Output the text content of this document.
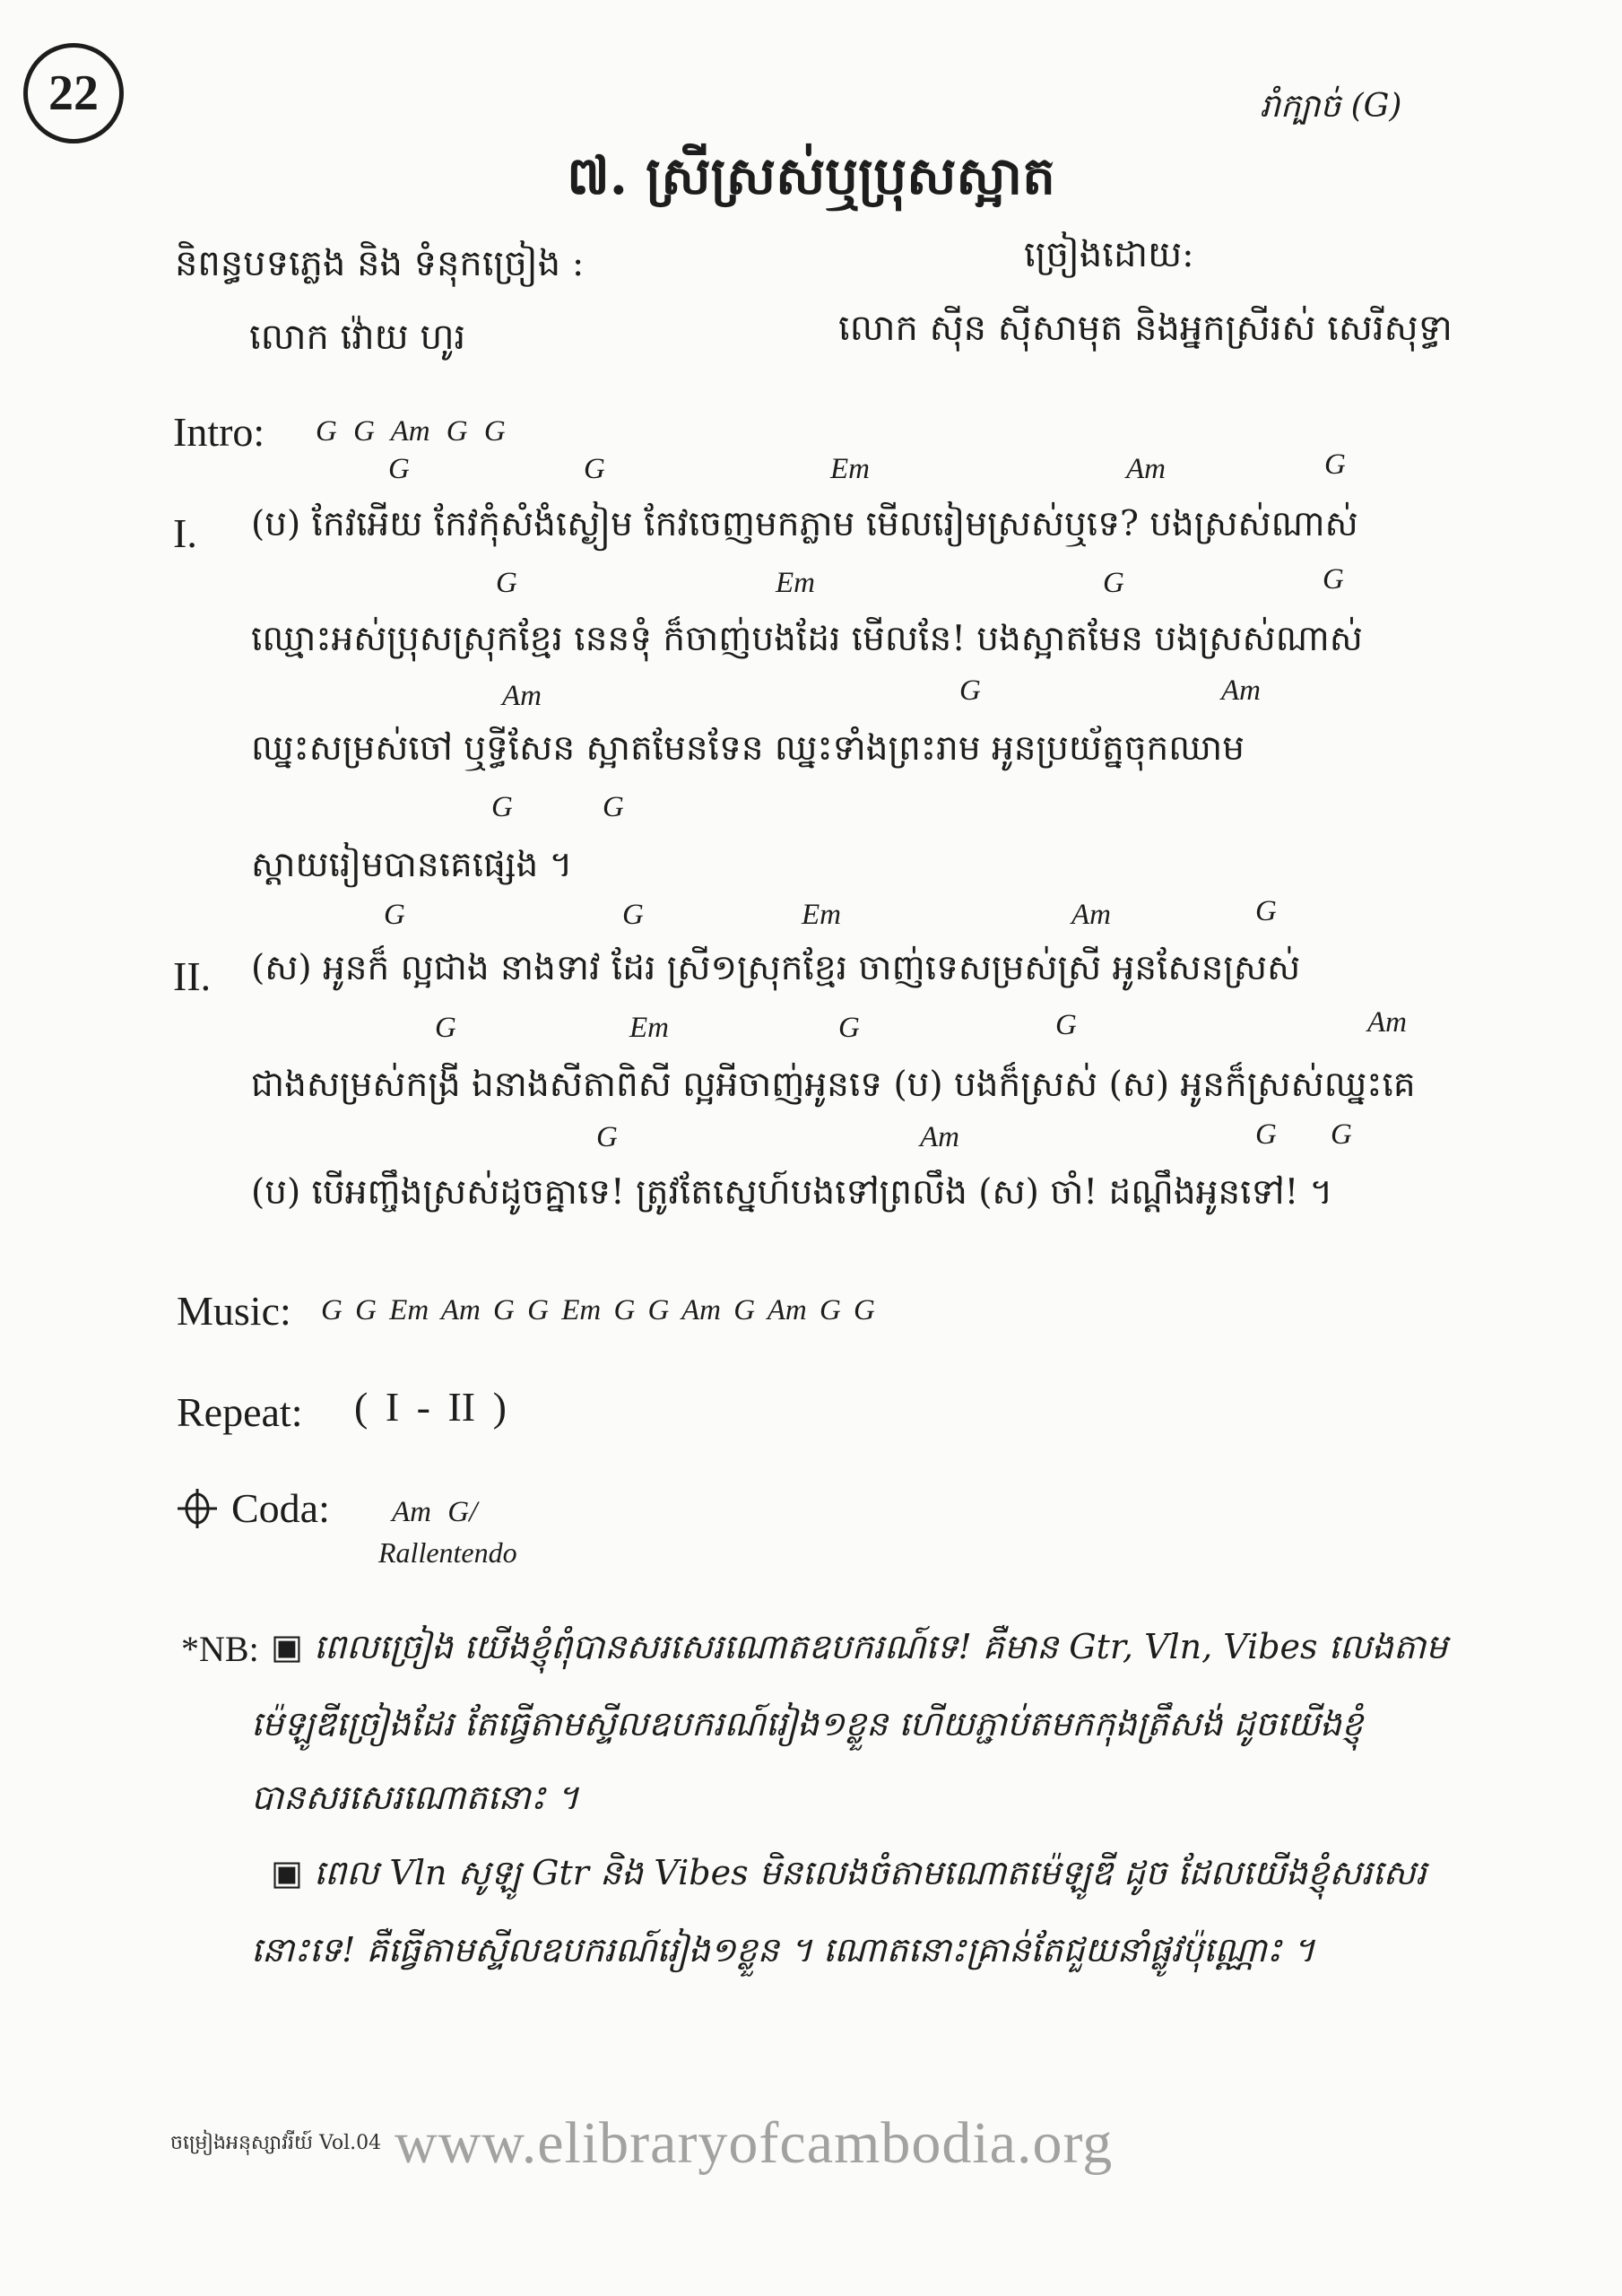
22	រាំក្បាច់ (G)
៧. ស្រីស្រស់ឬប្រុសស្អាត
និពន្ធបទភ្លេង និង ទំនុកច្រៀង :	ច្រៀងដោយ:
លោក វ៉ោយ ហូរ	លោក ស៊ីន ស៊ីសាមុត និងអ្នកស្រីរស់ សេរីសុទ្ធា
Intro: G G Am G G
I.
G	G	Em	Am	G
(ប) កែវអើយ កែវកុំសំងំស្ងៀម កែវចេញមកភ្លាម មើលរៀមស្រស់ឬទេ? បងស្រស់ណាស់
G	Em	G	G
ឈ្មោះអស់ប្រុសស្រុកខ្មែរ នេនទុំ ក៏ចាញ់បងដែរ មើលនែ! បងស្អាតមែន បងស្រស់ណាស់
Am	G	Am
ឈ្នះសម្រស់ចៅ ឬទ្ធីសែន ស្អាតមែនទែន ឈ្នះទាំងព្រះរាម អូនប្រយ័ត្នចុកឈាម
G	G
ស្ដាយរៀមបានគេផ្សេង ។
II.
G	G	Em	Am	G
(ស) អូនក៏ ល្អជាង នាងទាវ ដែរ ស្រី១ស្រុកខ្មែរ ចាញ់ទេសម្រស់ស្រី អូនសែនស្រស់
G	Em	G	G	Am
ជាងសម្រស់កង្រី ឯនាងសីតាពិសី ល្អអីចាញ់អូនទេ (ប) បងក៏ស្រស់ (ស) អូនក៏ស្រស់ឈ្នះគេ
G	Am	G G
(ប) បើអញ្ចឹងស្រស់ដូចគ្នាទេ! ត្រូវតែស្នេហ៍បងទៅព្រលឹង (ស) ចាំ! ដណ្ដឹងអូនទៅ! ។
Music: G G Em Am G G Em G G Am G Am G G
Repeat: ( I - II )
Coda: Am G/
Rallentendo
*NB: ▣ ពេលច្រៀង យើងខ្ញុំពុំបានសរសេរណោតឧបករណ៍ទេ! គឺមាន Gtr, Vln, Vibes លេងតាម
ម៉េឡូឌីច្រៀងដែរ តែធ្វើតាមស្ទីលឧបករណ៍រៀង១ខ្លួន ហើយភ្ជាប់តមកកុងត្រឹសង់ ដូចយើងខ្ញុំ
បានសរសេរណោតនោះ ។
▣ ពេល Vln សូឡូ Gtr និង Vibes មិនលេងចំតាមណោតម៉េឡូឌី ដូច ដែលយើងខ្ញុំសរសេរ
នោះទេ! គឺធ្វើតាមស្ទីលឧបករណ៍រៀង១ខ្លួន ។ ណោតនោះគ្រាន់តែជួយនាំផ្លូវប៉ុណ្ណោះ ។
ចម្រៀងអនុស្សាវរីយ៍ Vol.04 www.elibraryofcambodia.org
